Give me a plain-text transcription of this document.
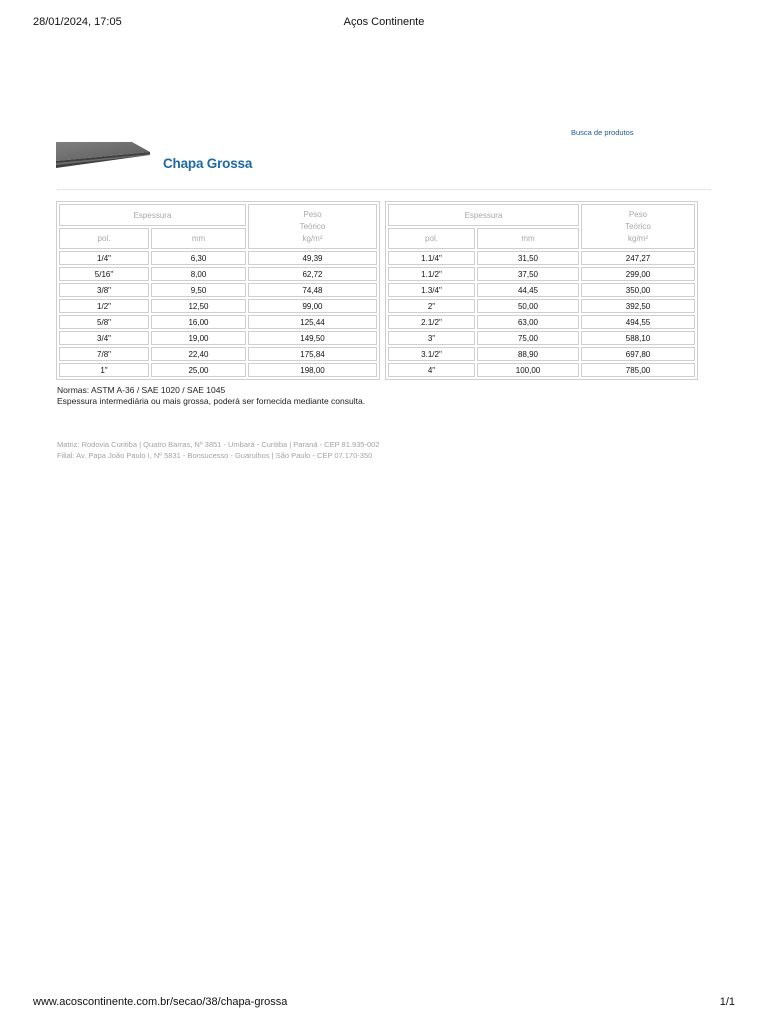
28/01/2024, 17:05	Aços Continente
Busca de produtos
Chapa Grossa
Espessura		Peso
Teórico
kg/m²
pol.	mm	
1/4"	6,30	49,39
5/16"	8,00	62,72
3/8"	9,50	74,48
1/2"	12,50	99,00
5/8"	16,00	125,44
3/4"	19,00	149,50
7/8"	22,40	175,84
1"	25,00	198,00
Espessura		Peso
Teórico
kg/m²
pol.	mm	
1.1/4"	31,50	247,27
1.1/2"	37,50	299,00
1.3/4"	44,45	350,00
2"	50,00	392,50
2.1/2"	63,00	494,55
3"	75,00	588,10
3.1/2"	88,90	697,80
4"	100,00	785,00
Normas: ASTM A-36 / SAE 1020 / SAE 1045
Espessura intermediária ou mais grossa, poderá ser fornecida mediante consulta.
Matriz: Rodovia Curitiba | Quatro Barras, Nº 3851 - Umbará - Curitiba | Paraná - CEP 81.935-002
Filial: Av. Papa João Paulo I, Nº 5831 - Bonsucesso - Guarulhos | São Paulo - CEP 07.170-350
www.acoscontinente.com.br/secao/38/chapa-grossa	1/1
